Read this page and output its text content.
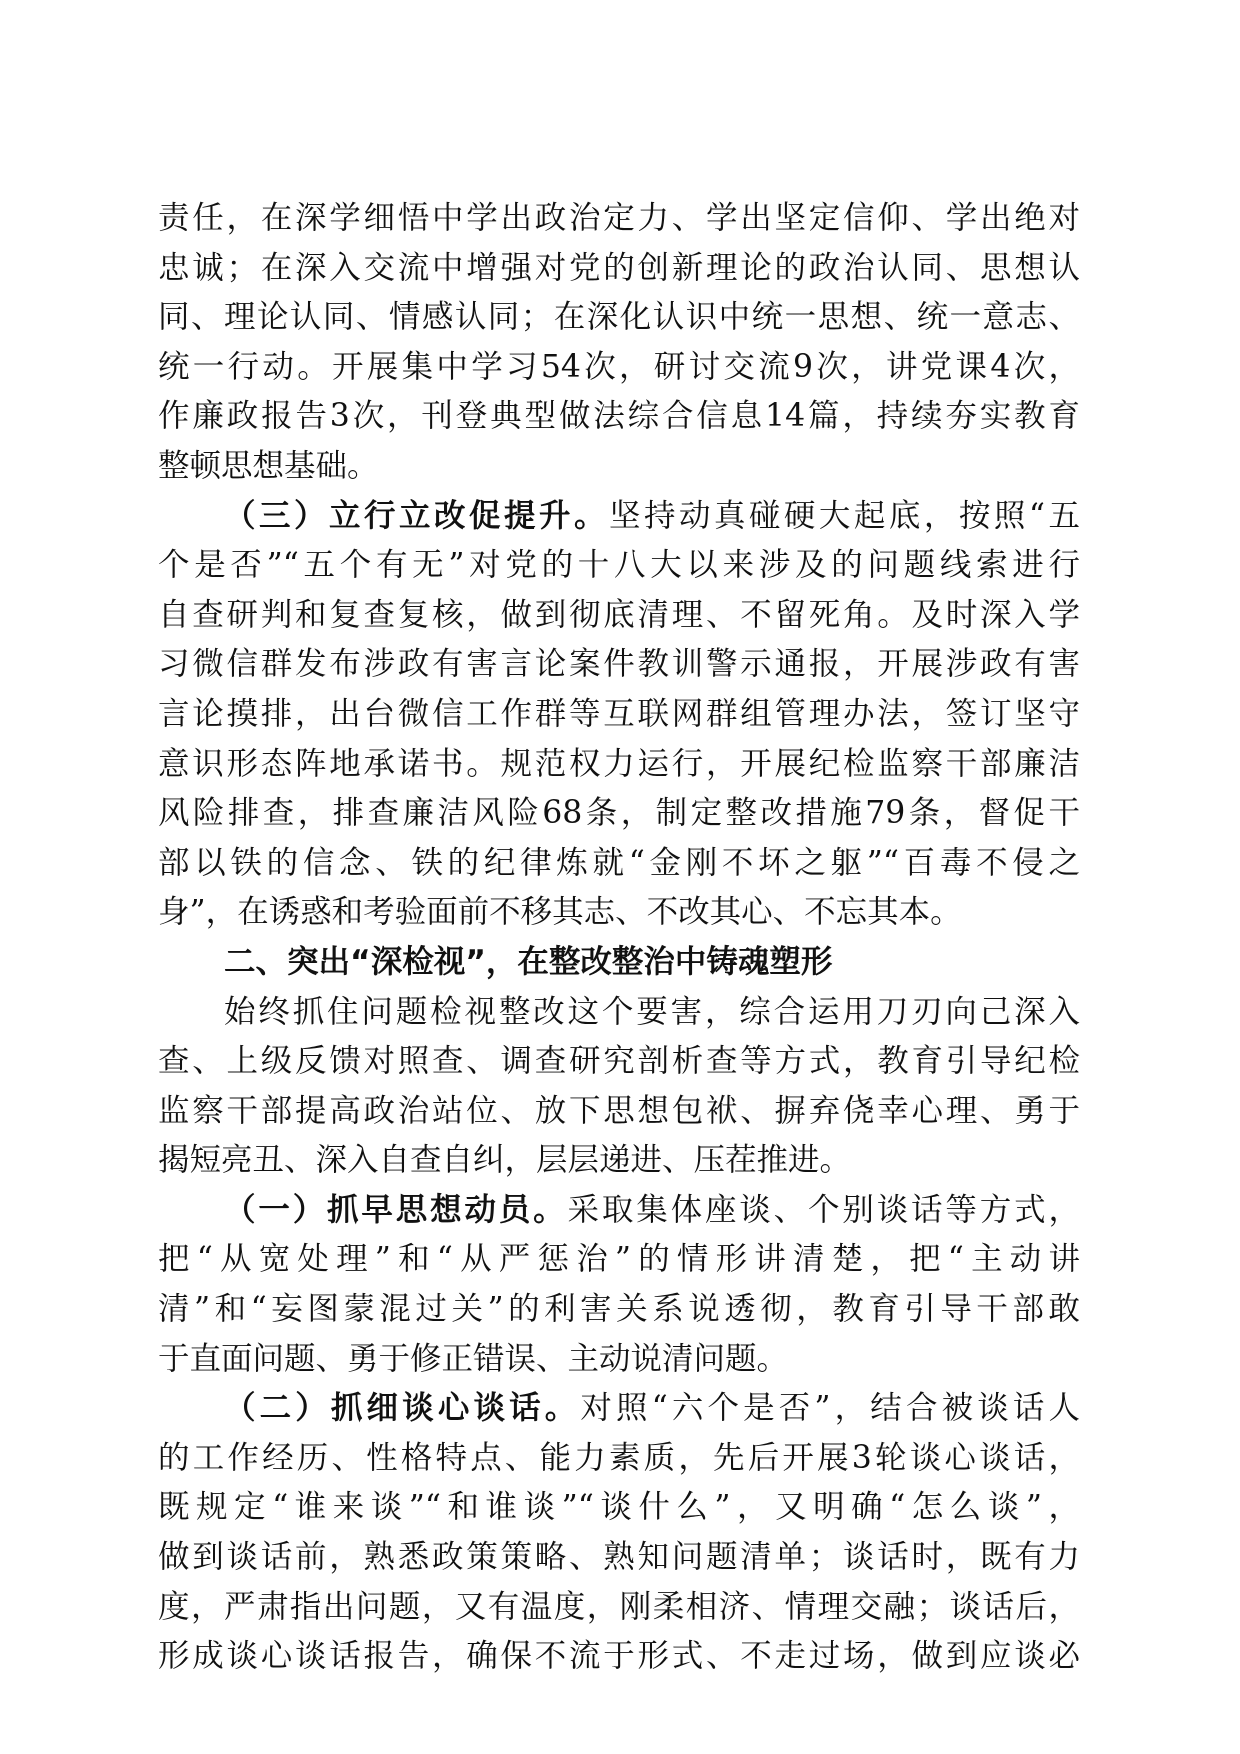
责任，在深学细悟中学出政治定力、学出坚定信仰、学出绝对
忠诚；在深入交流中增强对党的创新理论的政治认同、思想认
同、理论认同、情感认同；在深化认识中统一思想、统一意志、
统一行动。开展集中学习54次，研讨交流9次，讲党课4次，
作廉政报告3次，刊登典型做法综合信息14篇，持续夯实教育
整顿思想基础。
（三）立行立改促提升。坚持动真碰硬大起底，按照“五
个是否”“五个有无”对党的十八大以来涉及的问题线索进行
自查研判和复查复核，做到彻底清理、不留死角。及时深入学
习微信群发布涉政有害言论案件教训警示通报，开展涉政有害
言论摸排，出台微信工作群等互联网群组管理办法，签订坚守
意识形态阵地承诺书。规范权力运行，开展纪检监察干部廉洁
风险排查，排查廉洁风险68条，制定整改措施79条，督促干
部以铁的信念、铁的纪律炼就“金刚不坏之躯”“百毒不侵之
身”，在诱惑和考验面前不移其志、不改其心、不忘其本。
二、突出“深检视”，在整改整治中铸魂塑形
始终抓住问题检视整改这个要害，综合运用刀刃向己深入
查、上级反馈对照查、调查研究剖析查等方式，教育引导纪检
监察干部提高政治站位、放下思想包袱、摒弃侥幸心理、勇于
揭短亮丑、深入自查自纠，层层递进、压茬推进。
（一）抓早思想动员。采取集体座谈、个别谈话等方式，
把“从宽处理”和“从严惩治”的情形讲清楚，把“主动讲
清”和“妄图蒙混过关”的利害关系说透彻，教育引导干部敢
于直面问题、勇于修正错误、主动说清问题。
（二）抓细谈心谈话。对照“六个是否”，结合被谈话人
的工作经历、性格特点、能力素质，先后开展3轮谈心谈话，
既规定“谁来谈”“和谁谈”“谈什么”，又明确“怎么谈”，
做到谈话前，熟悉政策策略、熟知问题清单；谈话时，既有力
度，严肃指出问题，又有温度，刚柔相济、情理交融；谈话后，
形成谈心谈话报告，确保不流于形式、不走过场，做到应谈必
